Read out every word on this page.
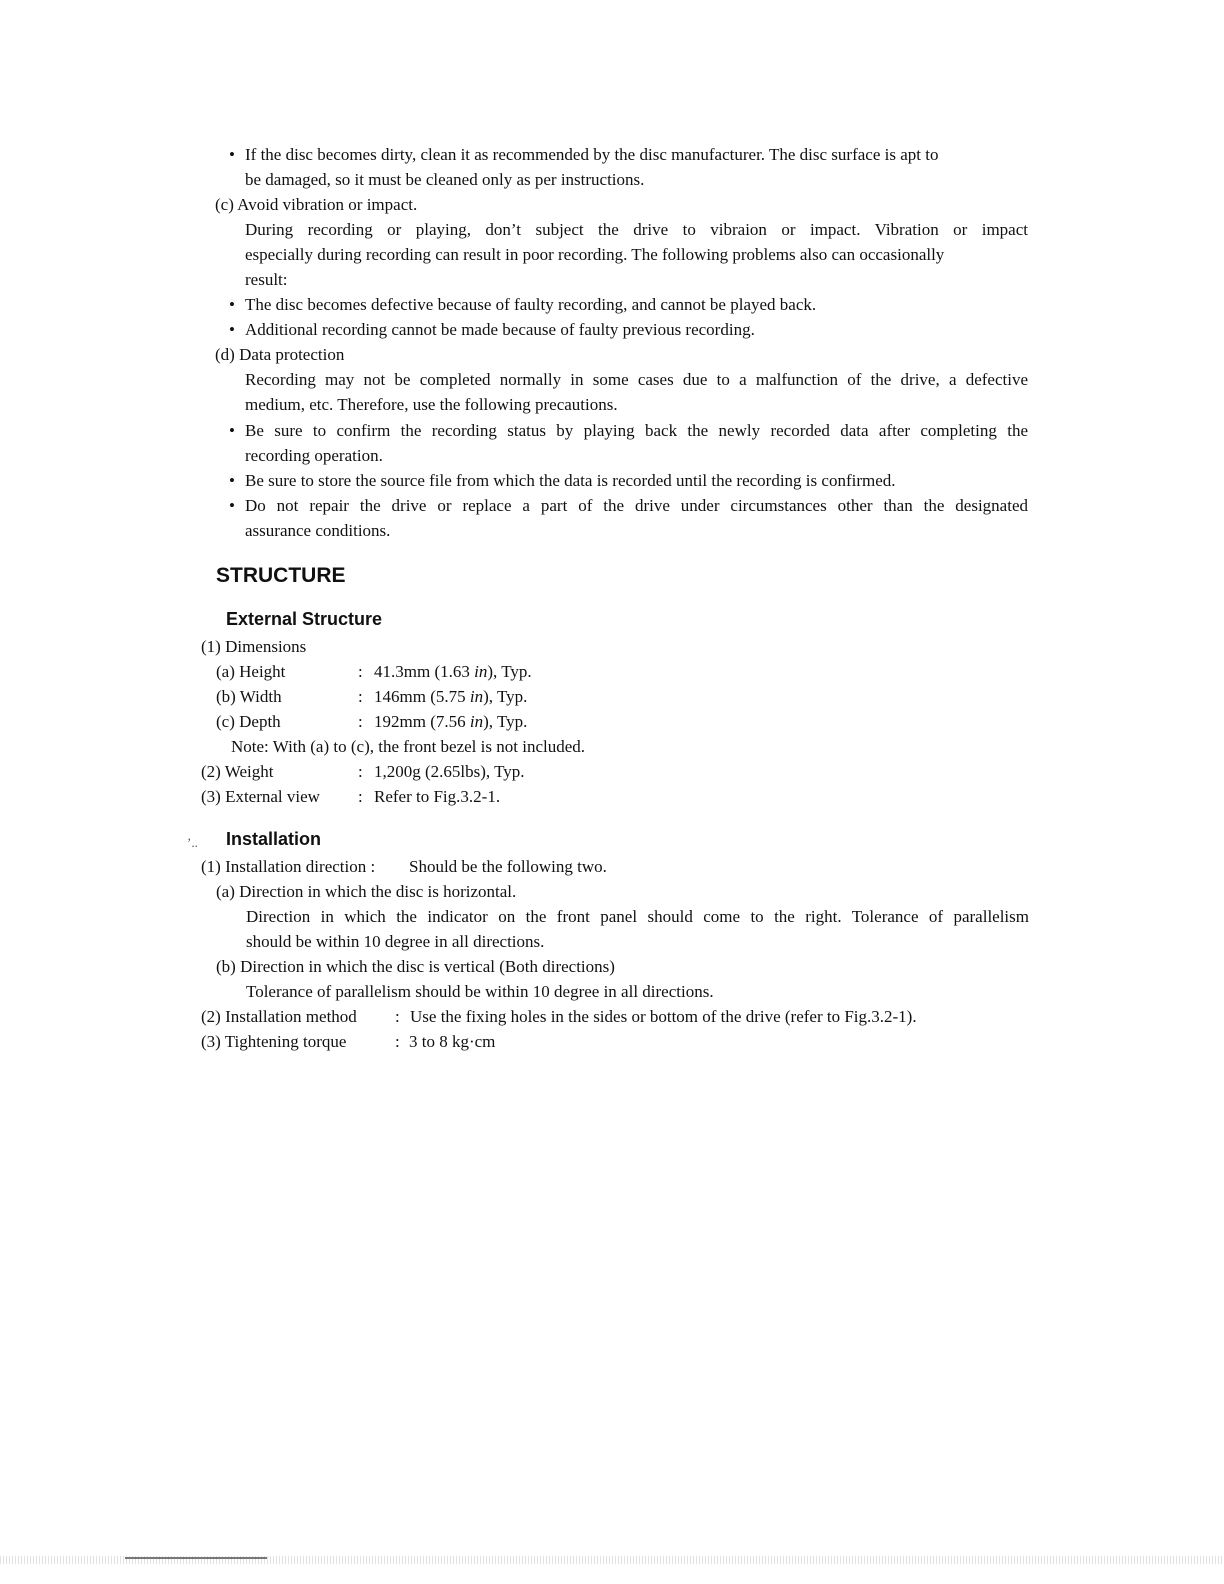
• If the disc becomes dirty, clean it as recommended by the disc manufacturer. The disc surface is apt to
be damaged, so it must be cleaned only as per instructions.
(c) Avoid vibration or impact.
During recording or playing, don’t subject the drive to vibraion or impact. Vibration or impact
especially during recording can result in poor recording. The following problems also can occasionally
result:
• The disc becomes defective because of faulty recording, and cannot be played back.
• Additional recording cannot be made because of faulty previous recording.
(d) Data protection
Recording may not be completed normally in some cases due to a malfunction of the drive, a defective
medium, etc. Therefore, use the following precautions.
• Be sure to confirm the recording status by playing back the newly recorded data after completing the
recording operation.
• Be sure to store the source file from which the data is recorded until the recording is confirmed.
• Do not repair the drive or replace a part of the drive under circumstances other than the designated
assurance conditions.
STRUCTURE
External Structure
(1) Dimensions
(a) Height	: 41.3mm (1.63 in), Typ.
(b) Width	: 146mm (5.75 in), Typ.
(c) Depth	: 192mm (7.56 in), Typ.
Note: With (a) to (c), the front bezel is not included.
(2) Weight	: 1,200g (2.65lbs), Typ.
(3) External view : Refer to Fig.3.2-1.
’.. Installation
(1) Installation direction : Should be the following two.
(a) Direction in which the disc is horizontal.
Direction in which the indicator on the front panel should come to the right. Tolerance of parallelism
should be within 10 degree in all directions.
(b) Direction in which the disc is vertical (Both directions)
Tolerance of parallelism should be within 10 degree in all directions.
(2) Installation method : Use the fixing holes in the sides or bottom of the drive (refer to Fig.3.2-1).
(3) Tightening torque	: 3 to 8 kg·cm
